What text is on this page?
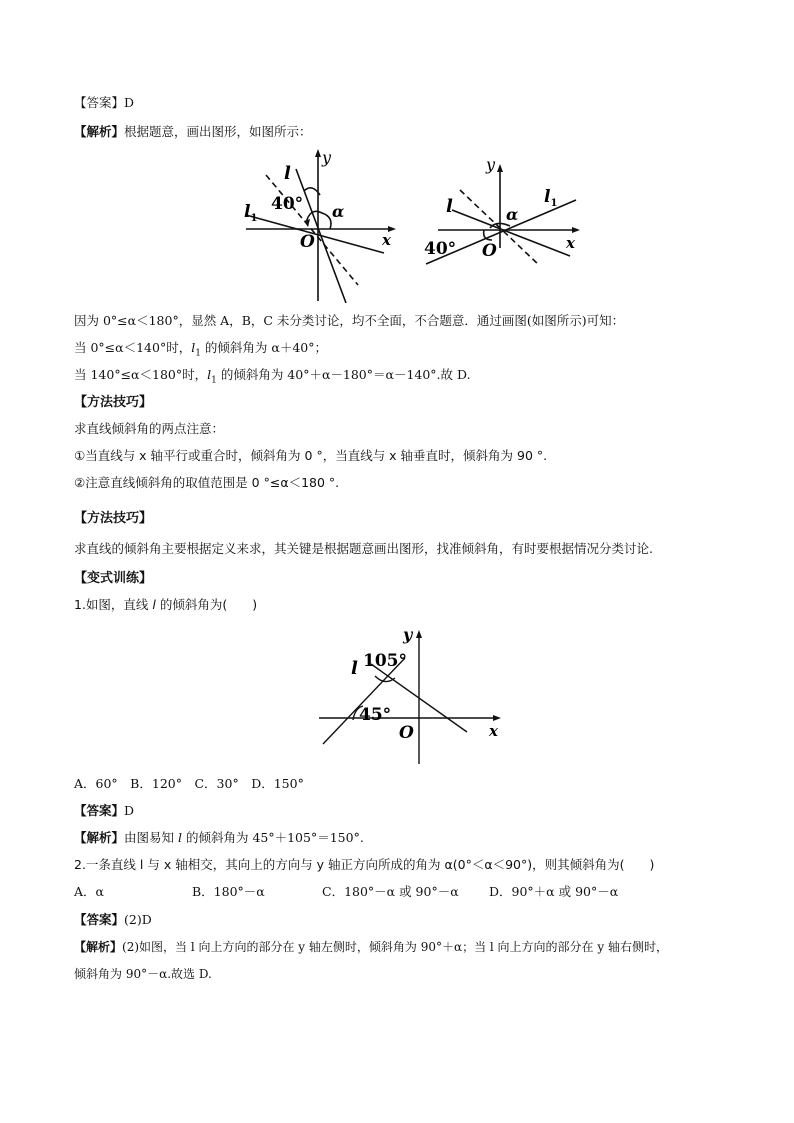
【答案】D
【解析】根据题意，画出图形，如图所示：
y
x
l
$l_1$
40° α
O
y
x
l	$l_1$
40°
α
O
因为 0°≤α＜180°，显然 A，B，C 未分类讨论，均不全面，不合题意．通过画图(如图所示)可知：
当 0°≤α＜140°时，$l_1$ 的倾斜角为 α＋40°；
当 140°≤α＜180°时，$l_1$ 的倾斜角为 40°＋α－180°＝α－140°.故 D.
【方法技巧】
求直线倾斜角的两点注意：
①当直线与 x 轴平行或重合时，倾斜角为 0 °，当直线与 x 轴垂直时，倾斜角为 90 °.
②注意直线倾斜角的取值范围是 0 °≤α＜180 °.
【方法技巧】
求直线的倾斜角主要根据定义来求，其关键是根据题意画出图形，找准倾斜角，有时要根据情况分类讨论.
【变式训练】
1.如图，直线 l 的倾斜角为(　　)
y
x
l 105°
45°
O
A．60°　B．120°　C．30°　D．150°
【答案】D
【解析】由图易知 l 的倾斜角为 45°＋105°＝150°.
2.一条直线 l 与 x 轴相交，其向上的方向与 y 轴正方向所成的角为 α(0°＜α＜90°)，则其倾斜角为(　　)
A．α	B．180°－α	C．180°－α 或 90°－α D．90°＋α 或 90°－α
【答案】(2)D
【解析】(2)如图，当 l 向上方向的部分在 y 轴左侧时，倾斜角为 90°＋α；当 l 向上方向的部分在 y 轴右侧时，
倾斜角为 90°－α.故选 D.
